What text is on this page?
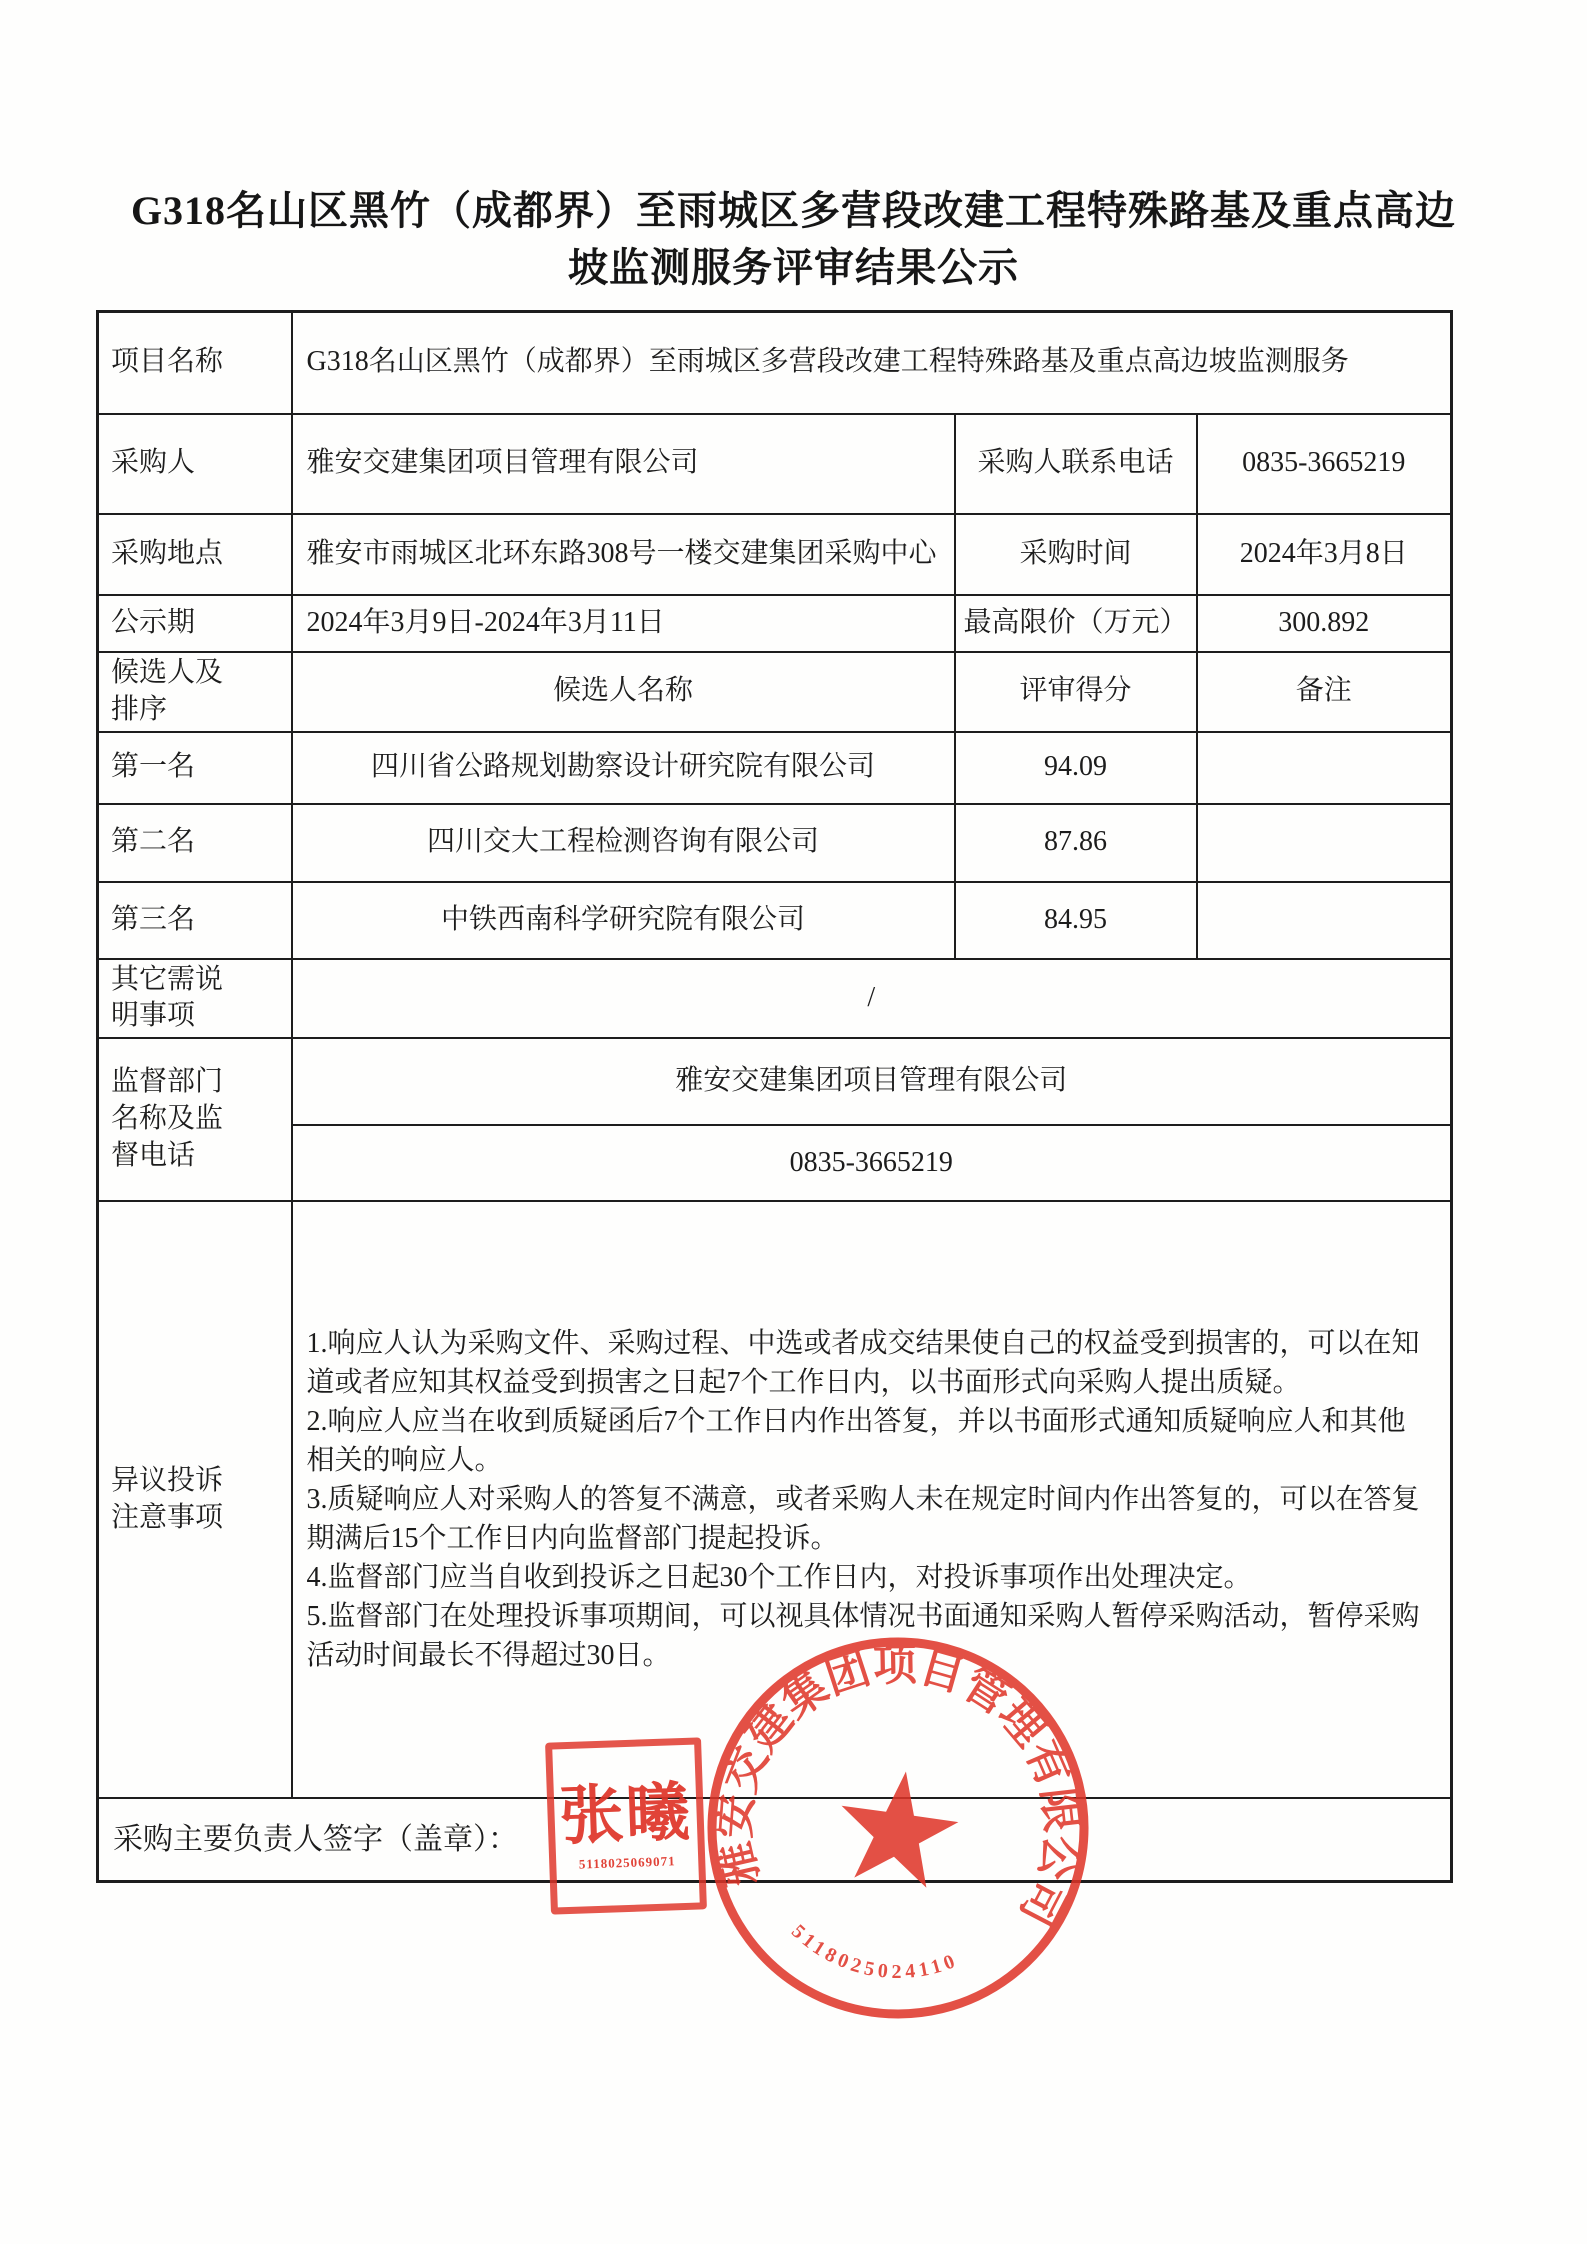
G318名山区黑竹（成都界）至雨城区多营段改建工程特殊路基及重点高边
坡监测服务评审结果公示
项目名称	G318名山区黑竹（成都界）至雨城区多营段改建工程特殊路基及重点高边坡监测服务		
采购人	雅安交建集团项目管理有限公司	采购人联系电话	0835-3665219
采购地点	雅安市雨城区北环东路308号一楼交建集团采购中心	采购时间	2024年3月8日
公示期	2024年3月9日-2024年3月11日	最高限价（万元）	300.892
候选人及排序	候选人名称	评审得分	备注
第一名	四川省公路规划勘察设计研究院有限公司	94.09	
第二名	四川交大工程检测咨询有限公司	87.86	
第三名	中铁西南科学研究院有限公司	84.95	
其它需说明事项	/		
监督部门名称及监督电话	雅安交建集团项目管理有限公司		
	0835-3665219		
异议投诉注意事项	1.响应人认为采购文件、采购过程、中选或者成交结果使自己的权益受到损害的，可以在知道或者应知其权益受到损害之日起7个工作日内，以书面形式向采购人提出质疑。
2.响应人应当在收到质疑函后7个工作日内作出答复，并以书面形式通知质疑响应人和其他相关的响应人。
3.质疑响应人对采购人的答复不满意，或者采购人未在规定时间内作出答复的，可以在答复期满后15个工作日内向监督部门提起投诉。
4.监督部门应当自收到投诉之日起30个工作日内，对投诉事项作出处理决定。
5.监督部门在处理投诉事项期间，可以视具体情况书面通知采购人暂停采购活动，暂停采购活动时间最长不得超过30日。		

采购主要负责人签字（盖章）：			张曦
5118025069071 雅安交建集团项目管理有限公司
5118025024110
